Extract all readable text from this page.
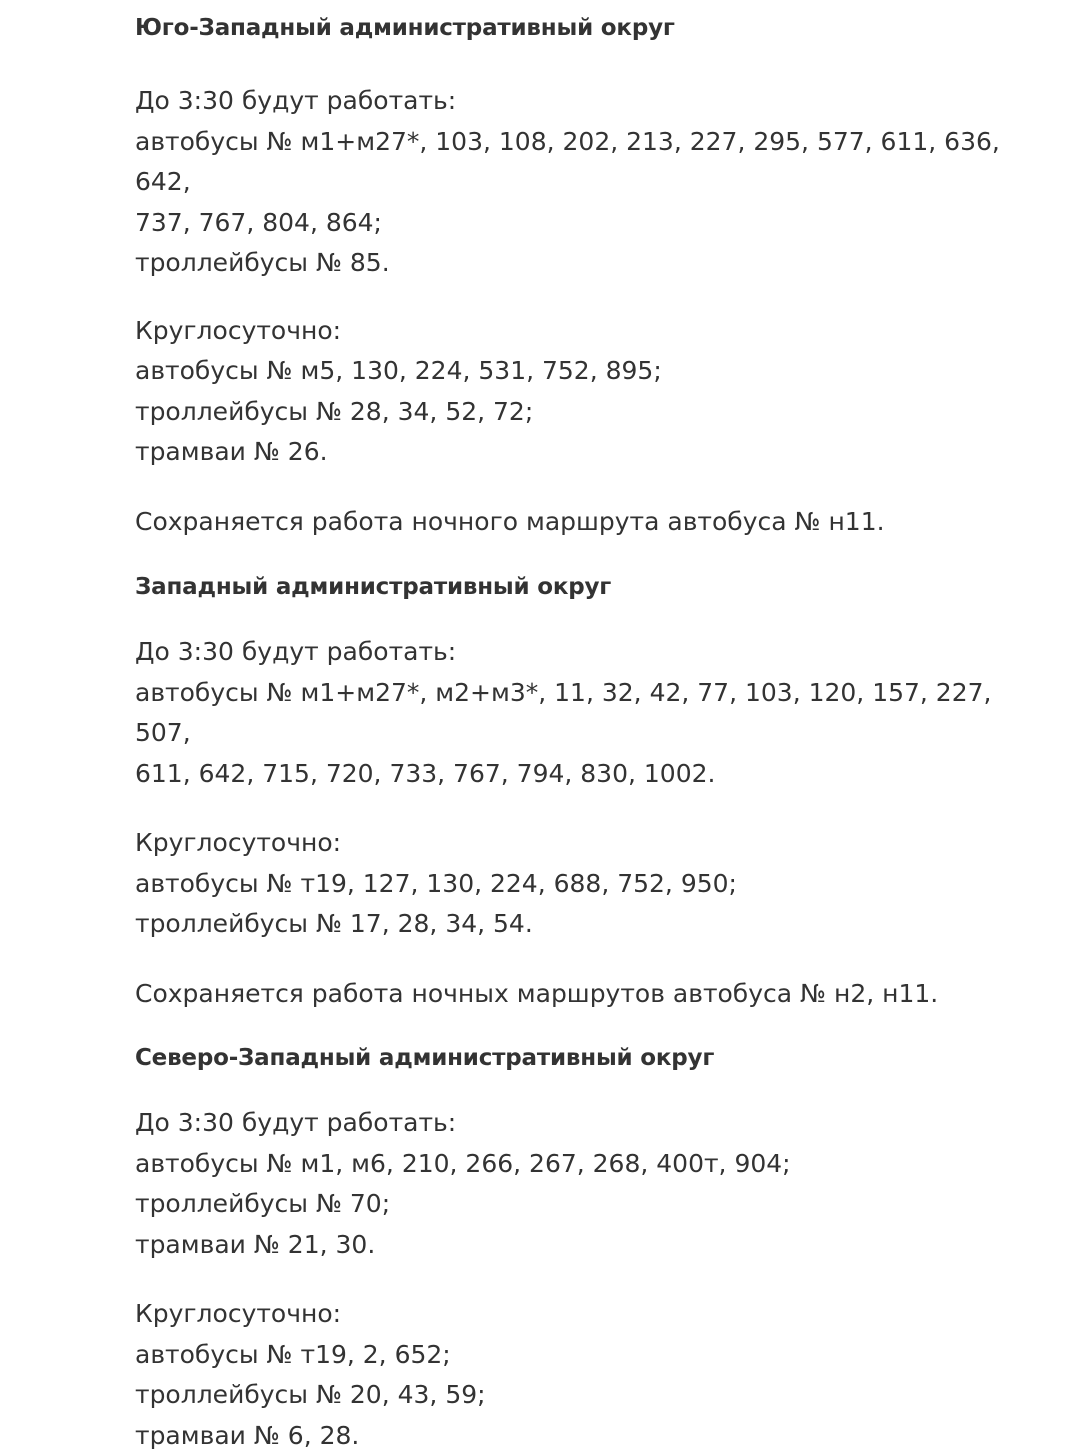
Юго-Западный административный округ

До 3:30 будут работать:
автобусы № м1+м27*, 103, 108, 202, 213, 227, 295, 577, 611, 636, 642,
737, 767, 804, 864;
троллейбусы № 85.

Круглосуточно:
автобусы № м5, 130, 224, 531, 752, 895;
троллейбусы № 28, 34, 52, 72;
трамваи № 26.

Сохраняется работа ночного маршрута автобуса № н11.

Западный административный округ

До 3:30 будут работать:
автобусы № м1+м27*, м2+м3*, 11, 32, 42, 77, 103, 120, 157, 227, 507,
611, 642, 715, 720, 733, 767, 794, 830, 1002.

Круглосуточно:
автобусы № т19, 127, 130, 224, 688, 752, 950;
троллейбусы № 17, 28, 34, 54.

Сохраняется работа ночных маршрутов автобуса № н2, н11.

Северо-Западный административный округ

До 3:30 будут работать:
автобусы № м1, м6, 210, 266, 267, 268, 400т, 904;
троллейбусы № 70;
трамваи № 21, 30.

Круглосуточно:
автобусы № т19, 2, 652;
троллейбусы № 20, 43, 59;
трамваи № 6, 28.
